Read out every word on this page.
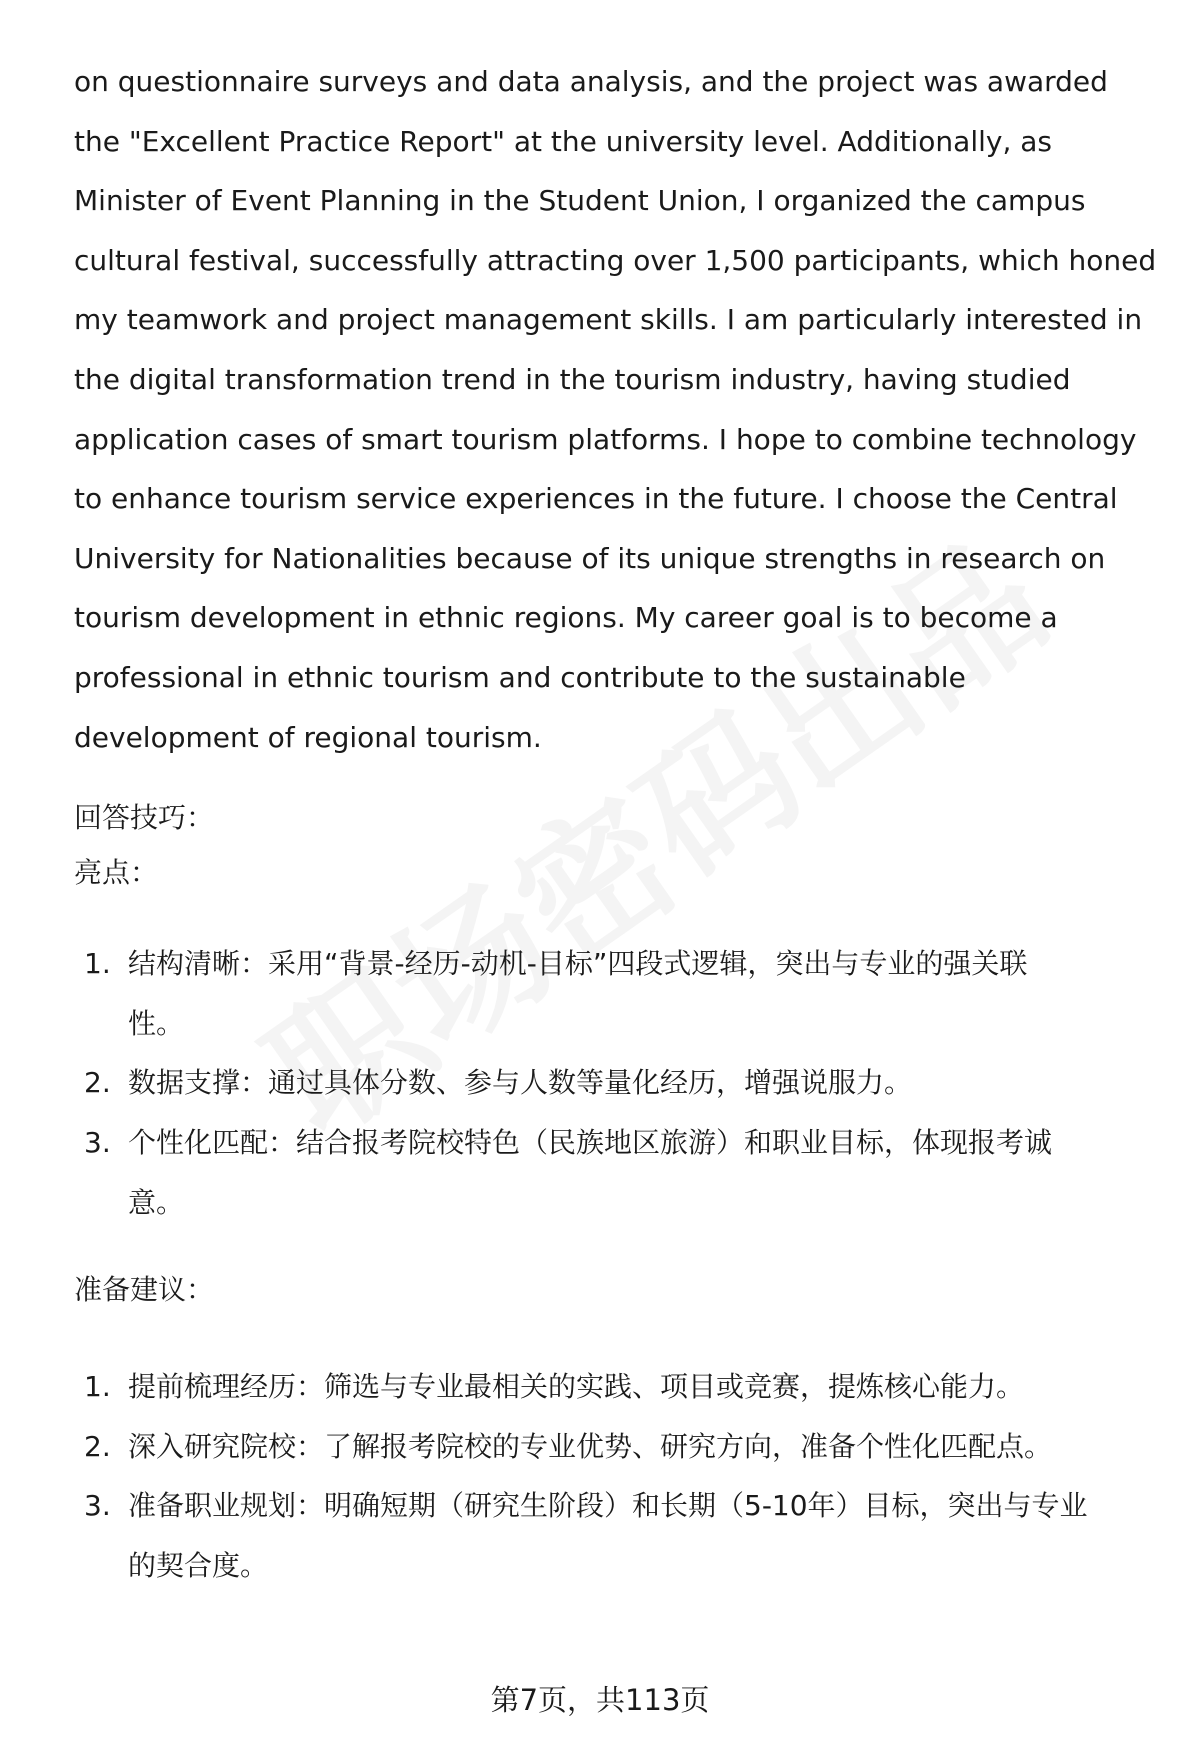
on questionnaire surveys and data analysis, and the project was awarded
the "Excellent Practice Report" at the university level. Additionally, as
Minister of Event Planning in the Student Union, I organized the campus
cultural festival, successfully attracting over 1,500 participants, which honed
my teamwork and project management skills. I am particularly interested in
the digital transformation trend in the tourism industry, having studied
application cases of smart tourism platforms. I hope to combine technology
to enhance tourism service experiences in the future. I choose the Central
University for Nationalities because of its unique strengths in research on
tourism development in ethnic regions. My career goal is to become a
professional in ethnic tourism and contribute to the sustainable
development of regional tourism.

回答技巧：

亮点：

1. 结构清晰：采用“背景-经历-动机-目标”四段式逻辑，突出与专业的强关联
性。
2. 数据支撑：通过具体分数、参与人数等量化经历，增强说服力。
3. 个性化匹配：结合报考院校特色（民族地区旅游）和职业目标，体现报考诚
意。

准备建议：

1. 提前梳理经历：筛选与专业最相关的实践、项目或竞赛，提炼核心能力。
2. 深入研究院校：了解报考院校的专业优势、研究方向，准备个性化匹配点。
3. 准备职业规划：明确短期（研究生阶段）和长期（5-10年）目标，突出与专业
的契合度。
第7页，共113页
